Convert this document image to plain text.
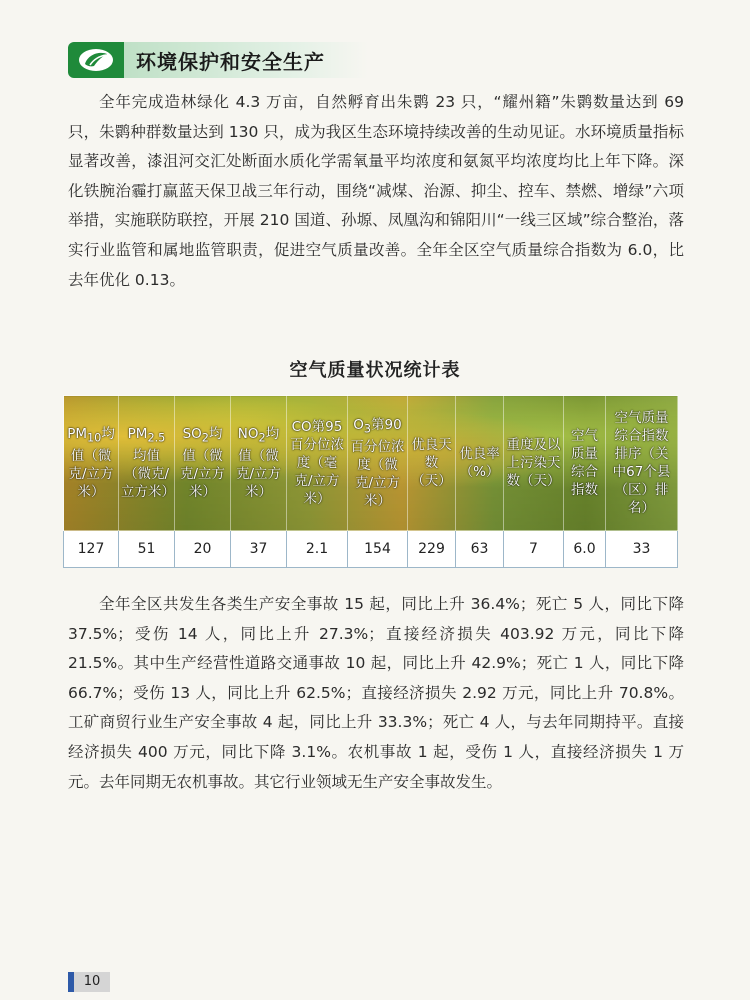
环境保护和安全生产

全年完成造林绿化 4.3 万亩，自然孵育出朱鹮 23 只，“耀州籍”朱鹮数量达到 69 只，朱鹮种群数量达到 130 只，成为我区生态环境持续改善的生动见证。水环境质量指标显著改善，漆沮河交汇处断面水质化学需氧量平均浓度和氨氮平均浓度均比上年下降。深化铁腕治霾打赢蓝天保卫战三年行动，围绕“减煤、治源、抑尘、控车、禁燃、增绿”六项举措，实施联防联控，开展 210 国道、孙塬、凤凰沟和锦阳川“一线三区域”综合整治，落实行业监管和属地监管职责，促进空气质量改善。全年全区空气质量综合指数为 6.0，比去年优化 0.13。

空气质量状况统计表
$PM_{10}$均值（微克/立方米）	$PM_{2.5}$均值（微克/立方米）	$SO_2$均值（微克/立方米）	$NO_2$均值（微克/立方米）	CO第95百分位浓度（毫克/立方米）	$O_3$第90百分位浓度（微克/立方米）	优良天数（天）	优良率（%）	重度及以上污染天数（天）	空气质量综合指数	空气质量综合指数排序（关中67个县（区）排名）
127	51	20	37	2.1	154	229	63	7	6.0	33

全年全区共发生各类生产安全事故 15 起，同比上升 36.4%；死亡 5 人，同比下降 37.5%；受伤 14 人，同比上升 27.3%；直接经济损失 403.92 万元，同比下降 21.5%。其中生产经营性道路交通事故 10 起，同比上升 42.9%；死亡 1 人，同比下降 66.7%；受伤 13 人，同比上升 62.5%；直接经济损失 2.92 万元，同比上升 70.8%。工矿商贸行业生产安全事故 4 起，同比上升 33.3%；死亡 4 人，与去年同期持平。直接经济损失 400 万元，同比下降 3.1%。农机事故 1 起，受伤 1 人，直接经济损失 1 万元。去年同期无农机事故。其它行业领域无生产安全事故发生。

10
